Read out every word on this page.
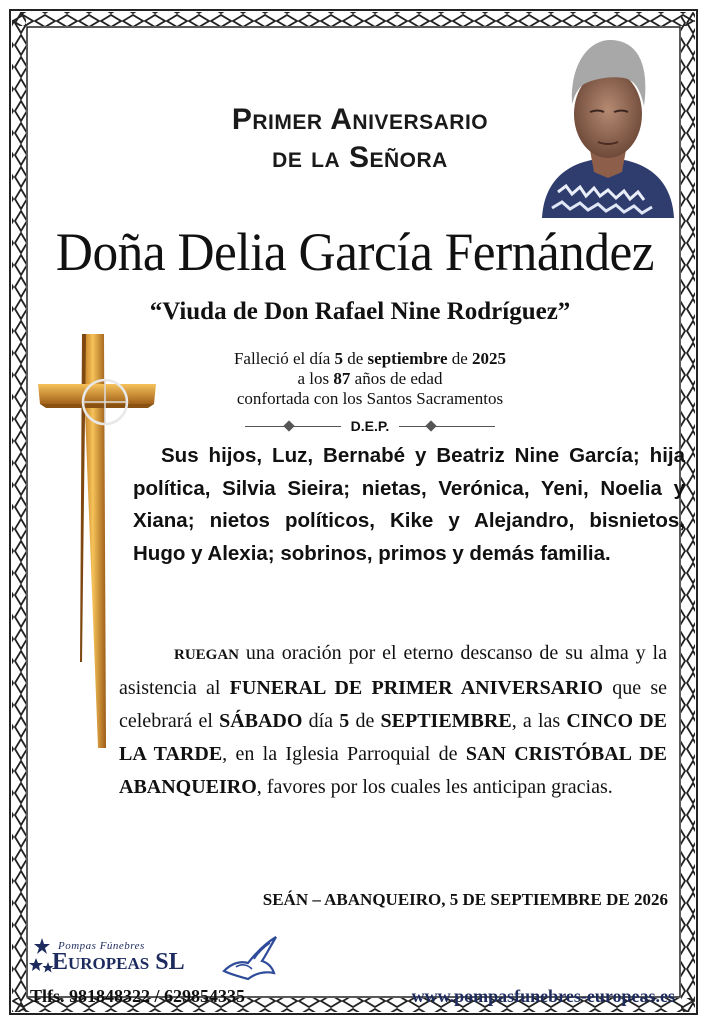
Primer Aniversario
de la Señora
Doña Delia García Fernández
“Viuda de Don Rafael Nine Rodríguez”
Falleció el día 5 de septiembre de 2025
a los 87 años de edad
confortada con los Santos Sacramentos
D.E.P.
Sus hijos, Luz, Bernabé y Beatriz Nine García; hija política, Silvia Sieira; nietas, Verónica, Yeni, Noelia y Xiana; nietos políticos, Kike y Alejandro, bisnietos, Hugo y Alexia; sobrinos, primos y demás familia.
RUEGAN una oración por el eterno descanso de su alma y la asistencia al FUNERAL DE PRIMER ANIVERSARIO que se celebrará el SÁBADO día 5 de SEPTIEMBRE, a las CINCO DE LA TARDE, en la Iglesia Parroquial de SAN CRISTÓBAL DE ABANQUEIRO, favores por los cuales les anticipan gracias.
SEÁN – ABANQUEIRO, 5 DE SEPTIEMBRE DE 2026
Pompas Fúnebres
Europeas SL
Tlfs. 981848322 / 629854335	www.pompasfunebres-europeas.es
